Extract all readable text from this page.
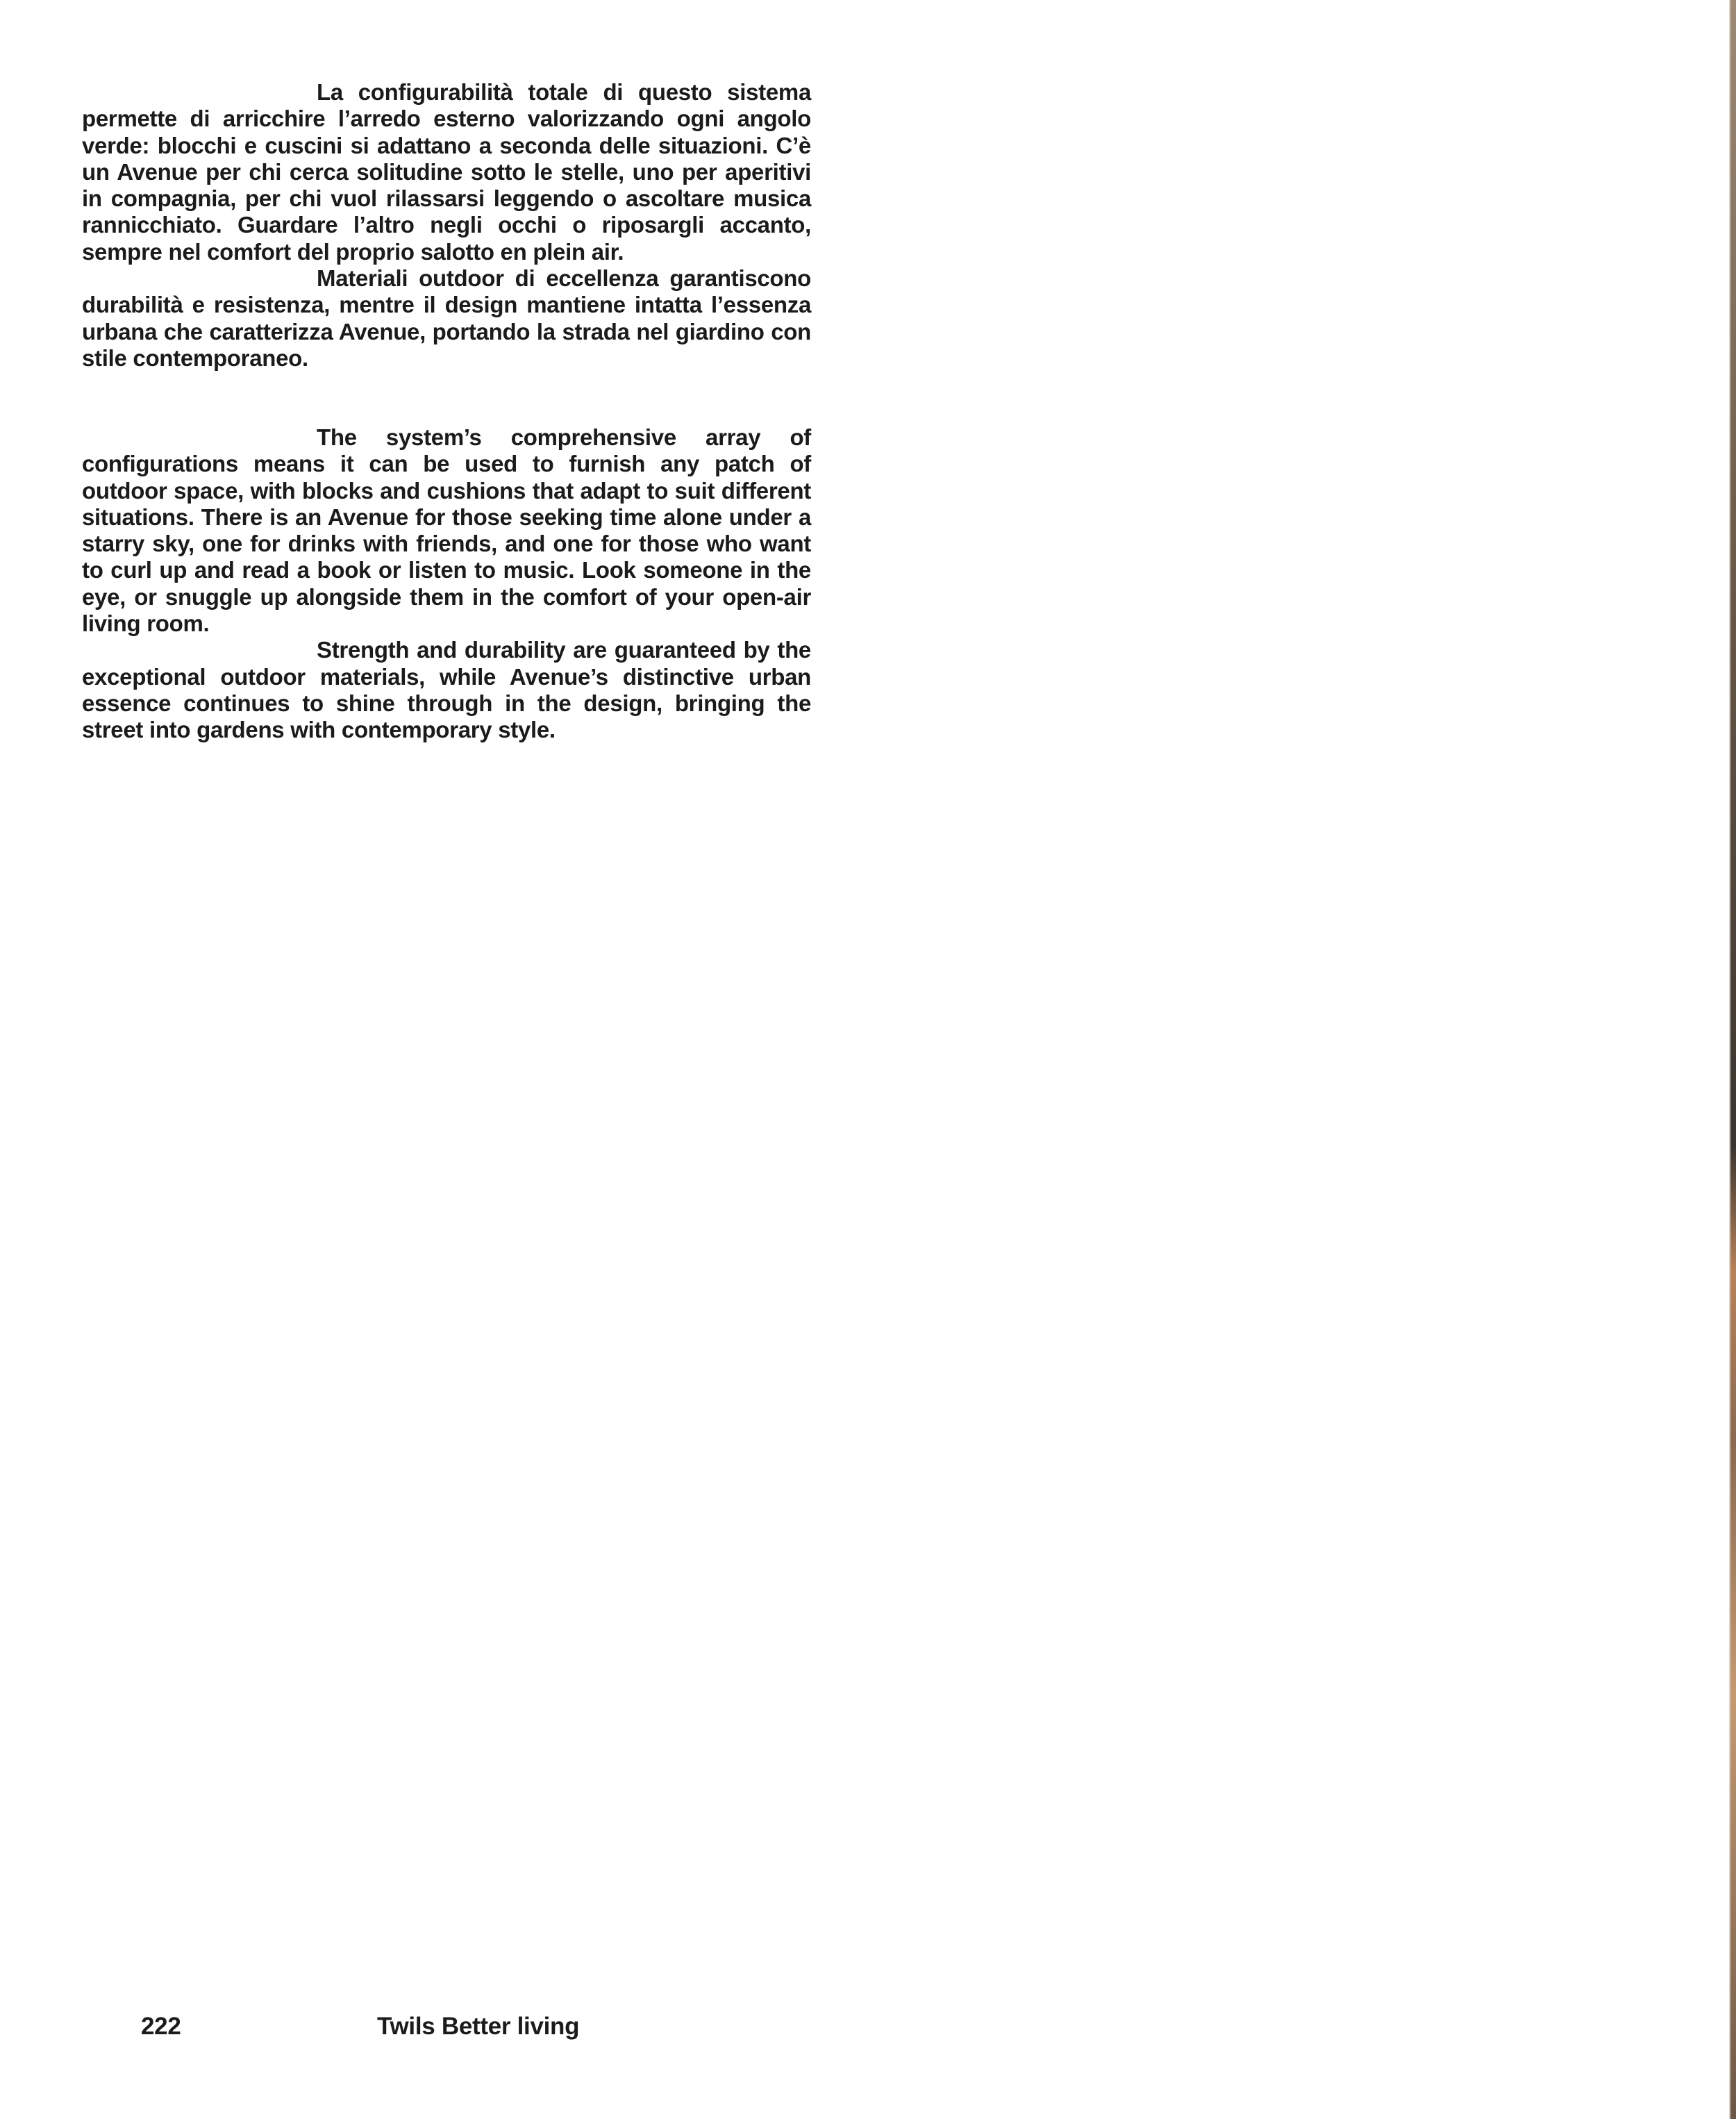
La configurabilità totale di questo sistema permette di arricchire l’arredo esterno valorizzando ogni angolo verde: blocchi e cuscini si adattano a seconda delle situazioni. C’è un Avenue per chi cerca solitudine sotto le stelle, uno per aperitivi in compagnia, per chi vuol rilassarsi leggendo o ascoltare musica rannicchiato. Guardare l’altro negli occhi o riposargli accanto, sempre nel comfort del proprio salotto en plein air.

Materiali outdoor di eccellenza garantiscono durabilità e resistenza, mentre il design mantiene intatta l’essenza urbana che caratterizza Avenue, portando la strada nel giardino con stile contemporaneo.

The system’s comprehensive array of configurations means it can be used to furnish any patch of outdoor space, with blocks and cushions that adapt to suit different situations. There is an Avenue for those seeking time alone under a starry sky, one for drinks with friends, and one for those who want to curl up and read a book or listen to music. Look someone in the eye, or snuggle up alongside them in the comfort of your open-air living room.

Strength and durability are guaranteed by the exceptional outdoor materials, while Avenue’s distinctive urban essence continues to shine through in the design, bringing the street into gardens with contemporary style.

222	Twils Better living
